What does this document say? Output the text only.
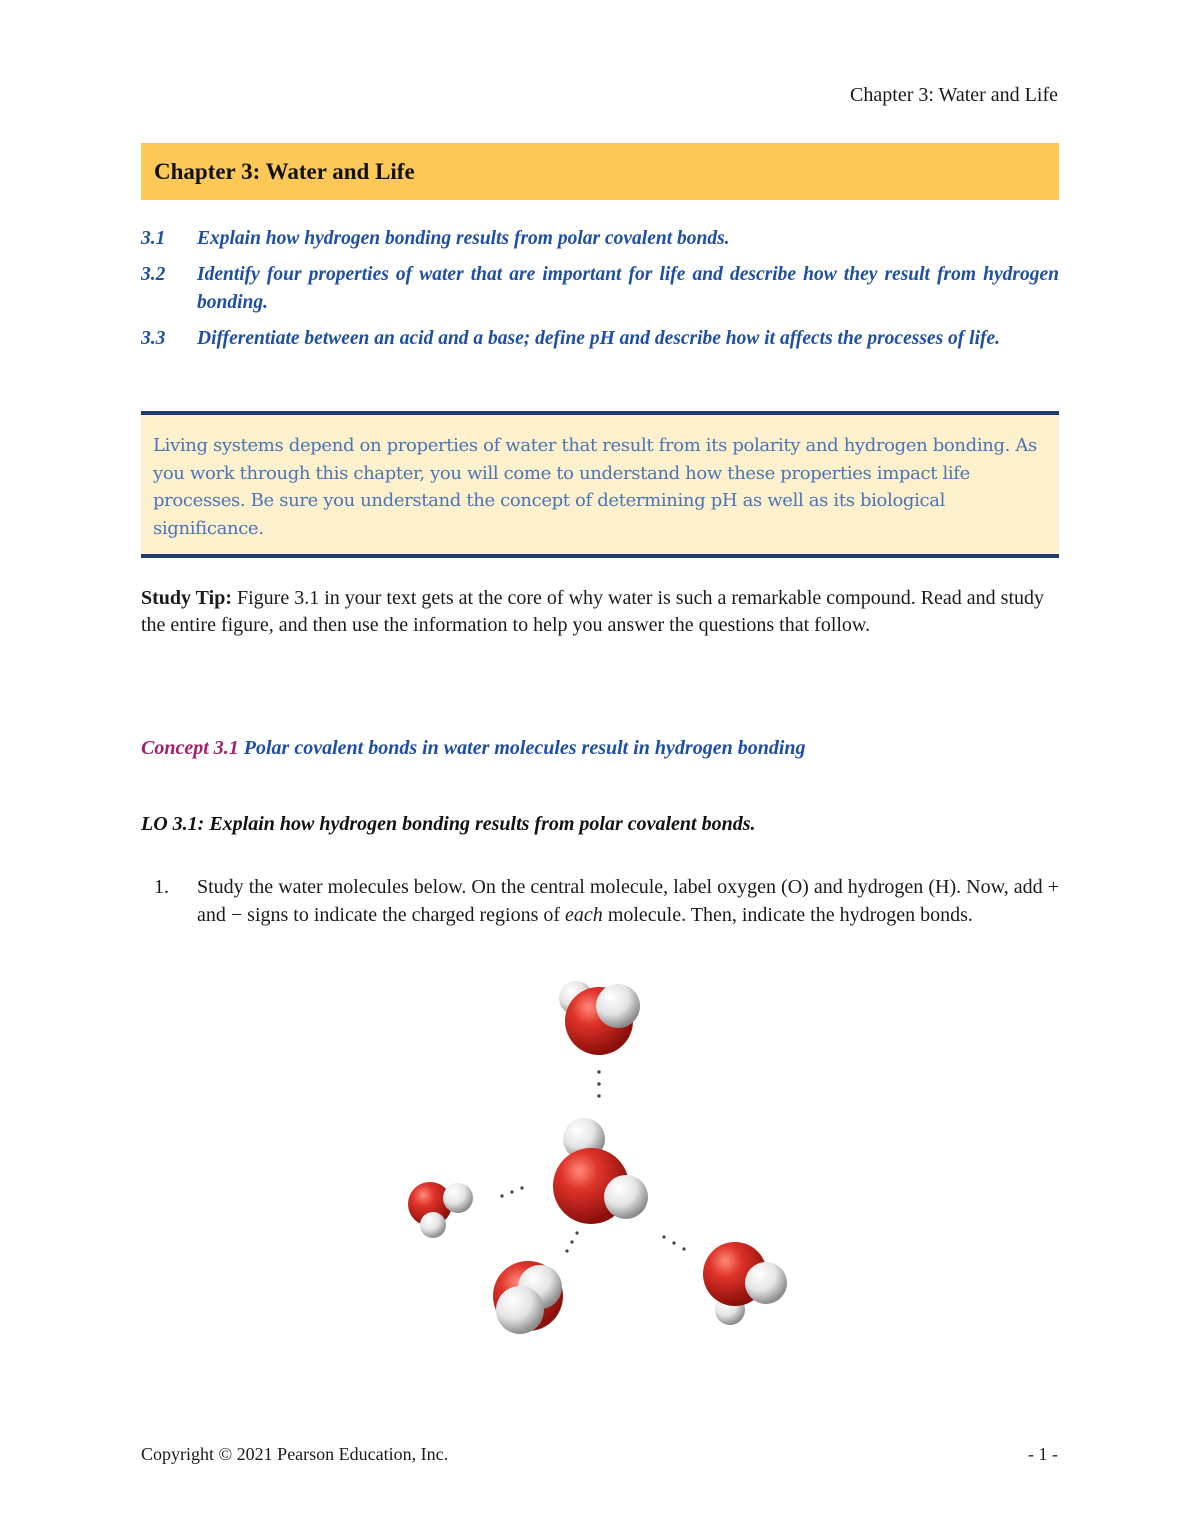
Chapter 3: Water and Life
Chapter 3: Water and Life
3.1	Explain how hydrogen bonding results from polar covalent bonds.
3.2	Identify four properties of water that are important for life and describe how they result from hydrogen bonding.
3.3	Differentiate between an acid and a base; define pH and describe how it affects the processes of life.

Living systems depend on properties of water that result from its polarity and hydrogen bonding. As you work through this chapter, you will come to understand how these properties impact life processes. Be sure you understand the concept of determining pH as well as its biological significance.

Study Tip: Figure 3.1 in your text gets at the core of why water is such a remarkable compound. Read and study the entire figure, and then use the information to help you answer the questions that follow.
Concept 3.1 Polar covalent bonds in water molecules result in hydrogen bonding
LO 3.1: Explain how hydrogen bonding results from polar covalent bonds.
1.	Study the water molecules below. On the central molecule, label oxygen (O) and hydrogen (H). Now, add + and − signs to indicate the charged regions of each molecule. Then, indicate the hydrogen bonds.
Copyright © 2021 Pearson Education, Inc.	- 1 -
